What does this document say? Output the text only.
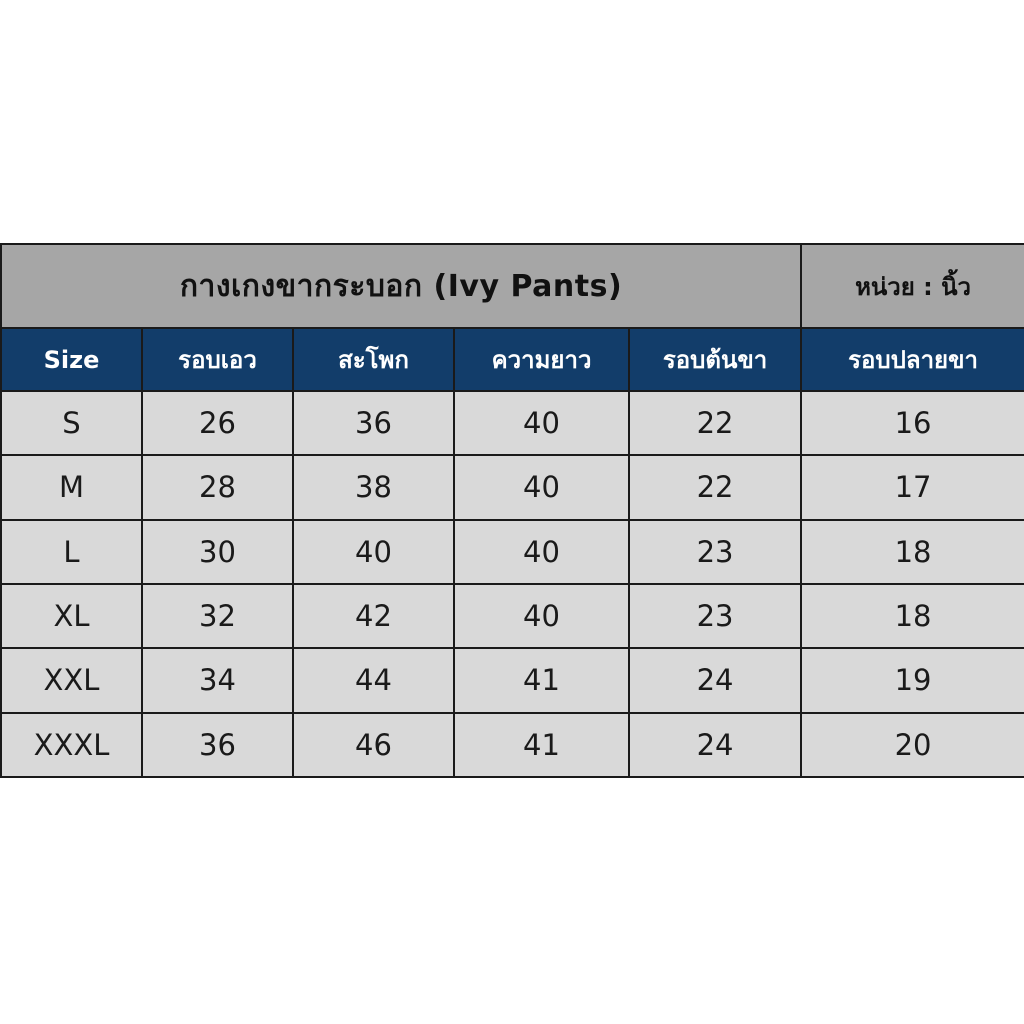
กางเกงขากระบอก (Ivy Pants)					หน่วย : นิ้ว
Size	รอบเอว	สะโพก	ความยาว	รอบต้นขา	รอบปลายขา
S	26	36	40	22	16
M	28	38	40	22	17
L	30	40	40	23	18
XL	32	42	40	23	18
XXL	34	44	41	24	19
XXXL	36	46	41	24	20
